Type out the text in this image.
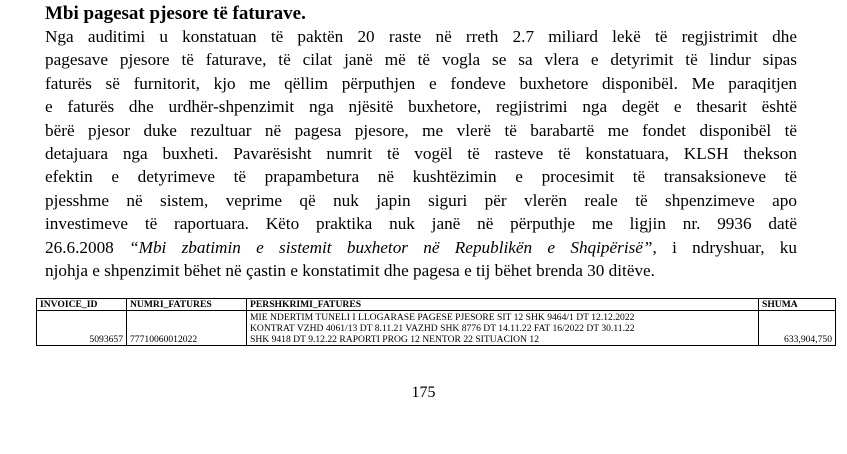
Mbi pagesat pjesore të faturave.
Nga auditimi u konstatuan të paktën 20 raste në rreth 2.7 miliard lekë të regjistrimit dhe
pagesave pjesore të faturave, të cilat janë më të vogla se sa vlera e detyrimit të lindur sipas
faturës së furnitorit, kjo me qëllim përputhjen e fondeve buxhetore disponibël. Me paraqitjen
e faturës dhe urdhër-shpenzimit nga njësitë buxhetore, regjistrimi nga degët e thesarit është
bërë pjesor duke rezultuar në pagesa pjesore, me vlerë të barabartë me fondet disponibël të
detajuara nga buxheti. Pavarësisht numrit të vogël të rasteve të konstatuara, KLSH thekson
efektin e detyrimeve të prapambetura në kushtëzimin e procesimit të transaksioneve të
pjesshme në sistem, veprime që nuk japin siguri për vlerën reale të shpenzimeve apo
investimeve të raportuara. Këto praktika nuk janë në përputhje me ligjin nr. 9936 datë
26.6.2008 “Mbi zbatimin e sistemit buxhetor në Republikën e Shqipërisë”, i ndryshuar, ku
njohja e shpenzimit bëhet në çastin e konstatimit dhe pagesa e tij bëhet brenda 30 ditëve.
INVOICE_ID	NUMRI_FATURES	PERSHKRIMI_FATURES	SHUMA
5093657	77710060012022	MIE NDERTIM TUNELI I LLOGARASE PAGESE PJESORE SIT 12 SHK 9464/1 DT 12.12.2022
KONTRAT VZHD 4061/13 DT 8.11.21 VAZHD SHK 8776 DT 14.11.22 FAT 16/2022 DT 30.11.22
SHK 9418 DT 9.12.22 RAPORTI PROG 12 NENTOR 22 SITUACION 12	633,904,750
175
